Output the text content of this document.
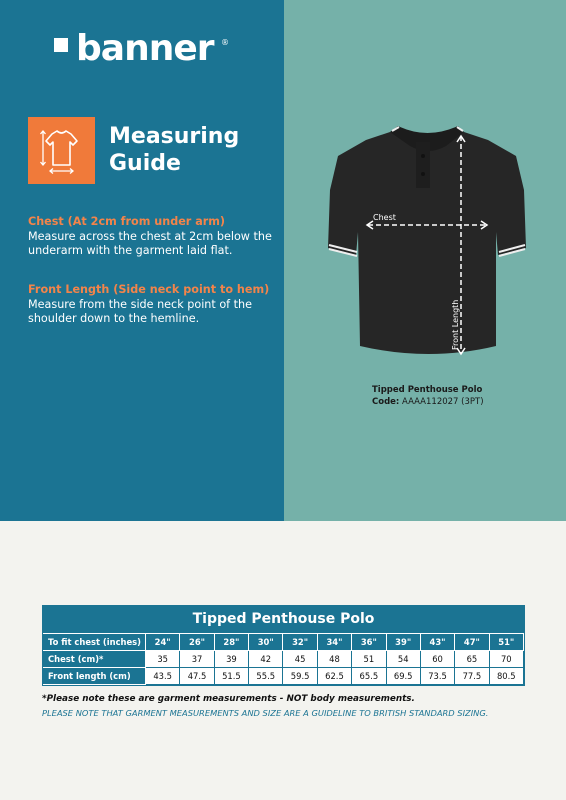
banner ®
Measuring
Guide
Chest (At 2cm from under arm)
Measure across the chest at 2cm below the underarm with the garment laid flat.
Front Length (Side neck point to hem)
Measure from the side neck point of the shoulder down to the hemline.
Chest
Front Length
Tipped Penthouse Polo
Code: AAAA112027 (3PT)
Tipped Penthouse Polo
To fit chest (inches)	24"	26"	28"	30"	32"	34"	36"	39"	43"	47"	51"
Chest (cm)*	35	37	39	42	45	48	51	54	60	65	70
Front length (cm)	43.5	47.5	51.5	55.5	59.5	62.5	65.5	69.5	73.5	77.5	80.5
*Please note these are garment measurements - NOT body measurements.
PLEASE NOTE THAT GARMENT MEASUREMENTS AND SIZE ARE A GUIDELINE TO BRITISH STANDARD SIZING.
